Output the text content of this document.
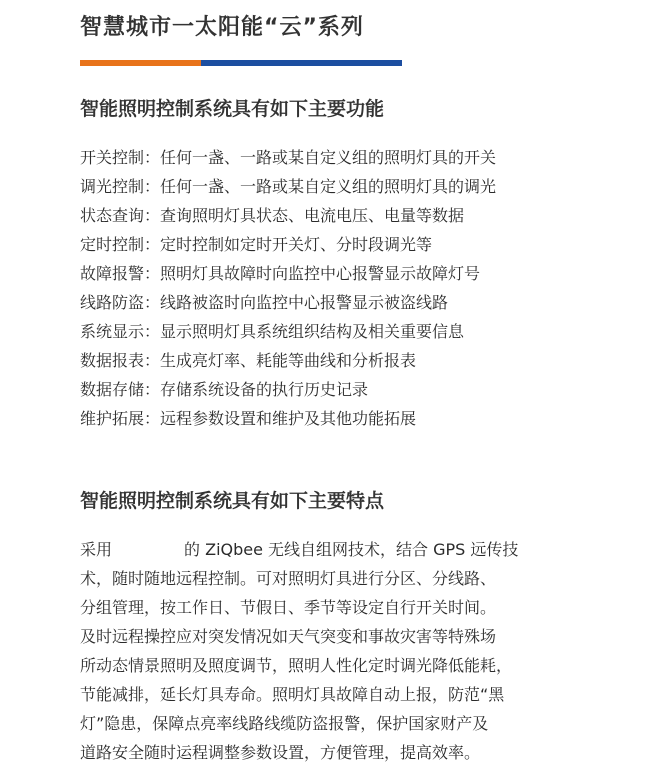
智慧城市一太阳能“云”系列
智能照明控制系统具有如下主要功能
开关控制：任何一盏、一路或某自定义组的照明灯具的开关
调光控制：任何一盏、一路或某自定义组的照明灯具的调光
状态查询：查询照明灯具状态、电流电压、电量等数据
定时控制：定时控制如定时开关灯、分时段调光等
故障报警：照明灯具故障时向监控中心报警显示故障灯号
线路防盗：线路被盗时向监控中心报警显示被盗线路
系统显示：显示照明灯具系统组织结构及相关重要信息
数据报表：生成亮灯率、耗能等曲线和分析报表
数据存储：存储系统设备的执行历史记录
维护拓展：远程参数设置和维护及其他功能拓展
智能照明控制系统具有如下主要特点
采用	的 ZiQbee 无线自组网技术，结合 GPS 远传技
术，随时随地远程控制。可对照明灯具进行分区、分线路、
分组管理，按工作日、节假日、季节等设定自行开关时间。
及时远程操控应对突发情况如天气突变和事故灾害等特殊场
所动态情景照明及照度调节，照明人性化定时调光降低能耗，
节能减排，延长灯具寿命。照明灯具故障自动上报，防范“黑
灯”隐患，保障点亮率线路线缆防盗报警，保护国家财产及
道路安全随时运程调整参数设置，方便管理，提高效率。
